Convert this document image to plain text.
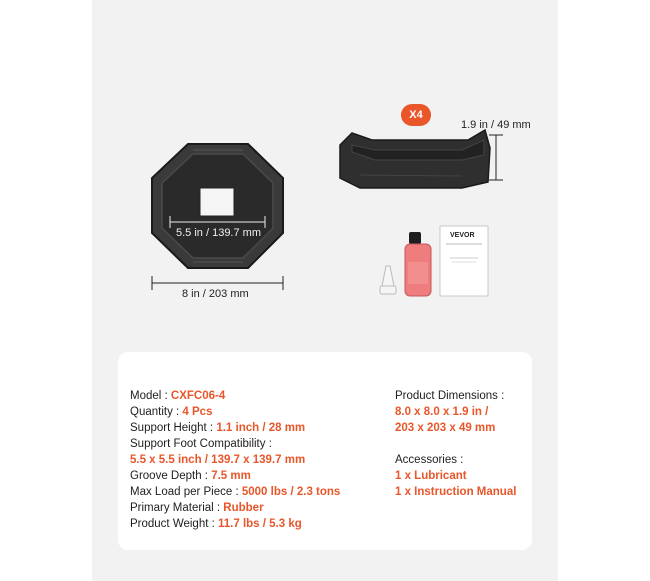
5.5 in / 139.7 mm
8 in / 203 mm
1.9 in / 49 mm
X4
VEVOR
Model : CXFC06-4
Quantity : 4 Pcs
Support Height : 1.1 inch / 28 mm
Support Foot Compatibility :
5.5 x 5.5 inch / 139.7 x 139.7 mm
Groove Depth : 7.5 mm
Max Load per Piece : 5000 lbs / 2.3 tons
Primary Material : Rubber
Product Weight : 11.7 lbs / 5.3 kg
Product Dimensions :
8.0 x 8.0 x 1.9 in /
203 x 203 x 49 mm
Accessories :
1 x Lubricant
1 x Instruction Manual
